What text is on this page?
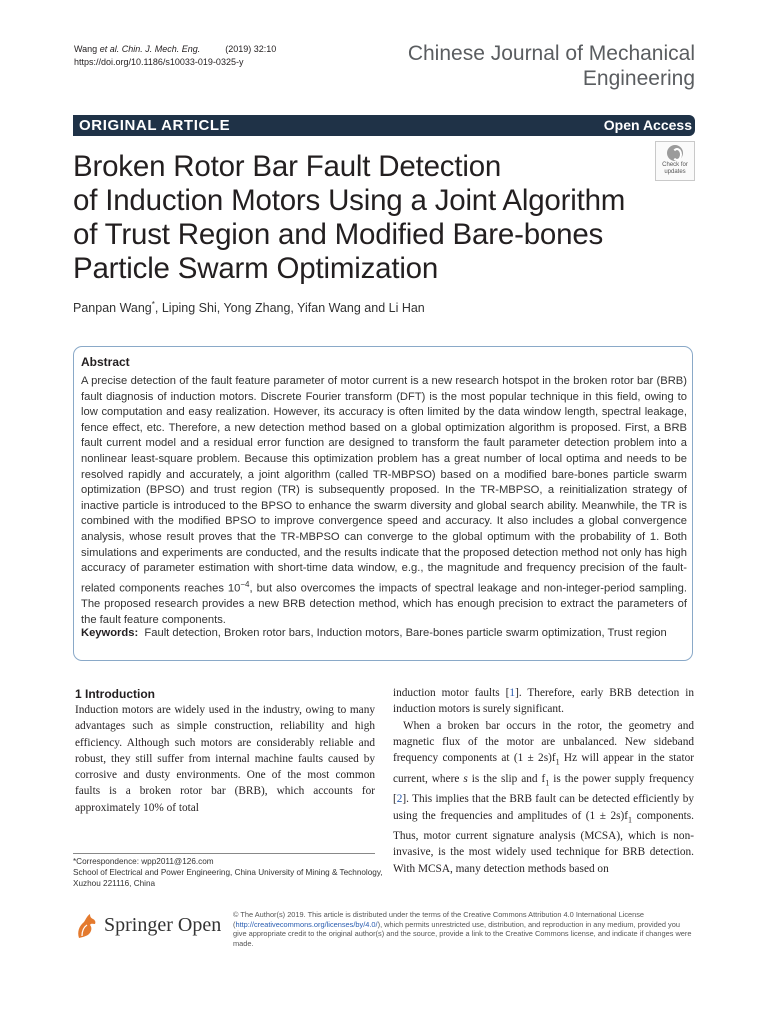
Wang et al. Chin. J. Mech. Eng.	(2019) 32:10
https://doi.org/10.1186/s10033-019-0325-y	Chinese Journal of Mechanical
Engineering
ORIGINAL ARTICLE	Open Access
Check for
updates
Broken Rotor Bar Fault Detection
of Induction Motors Using a Joint Algorithm
of Trust Region and Modified Bare-bones
Particle Swarm Optimization
Panpan Wang*, Liping Shi, Yong Zhang, Yifan Wang and Li Han
Abstract
A precise detection of the fault feature parameter of motor current is a new research hotspot in the broken rotor bar (BRB) fault diagnosis of induction motors. Discrete Fourier transform (DFT) is the most popular technique in this field, owing to low computation and easy realization. However, its accuracy is often limited by the data window length, spectral leakage, fence effect, etc. Therefore, a new detection method based on a global optimization algorithm is proposed. First, a BRB fault current model and a residual error function are designed to transform the fault parameter detection problem into a nonlinear least-square problem. Because this optimization problem has a great number of local optima and needs to be resolved rapidly and accurately, a joint algorithm (called TR-MBPSO) based on a modified bare-bones particle swarm optimization (BPSO) and trust region (TR) is subsequently proposed. In the TR-MBPSO, a reinitialization strategy of inactive particle is introduced to the BPSO to enhance the swarm diversity and global search ability. Meanwhile, the TR is combined with the modified BPSO to improve convergence speed and accuracy. It also includes a global convergence analysis, whose result proves that the TR-MBPSO can converge to the global optimum with the probability of 1. Both simulations and experiments are conducted, and the results indicate that the proposed detection method not only has high accuracy of parameter estimation with short-time data window, e.g., the magnitude and frequency precision of the fault-related components reaches $10^{-4}$, but also overcomes the impacts of spectral leakage and non-integer-period sampling. The proposed research provides a new BRB detection method, which has enough precision to extract the parameters of the fault feature components.
Keywords: Fault detection, Broken rotor bars, Induction motors, Bare-bones particle swarm optimization, Trust region
1 Introduction
Induction motors are widely used in the industry, owing to many advantages such as simple construction, reliability and high efficiency. Although such motors are considerably reliable and robust, they still suffer from internal machine faults caused by corrosive and dusty environments. One of the most common faults is a broken rotor bar (BRB), which accounts for approximately 10% of total
induction motor faults [1]. Therefore, early BRB detection in induction motors is surely significant.
When a broken bar occurs in the rotor, the geometry and magnetic flux of the motor are unbalanced. New sideband frequency components at $(1 \pm 2s)f_1$ Hz will appear in the stator current, where s is the slip and $f_1$ is the power supply frequency [2]. This implies that the BRB fault can be detected efficiently by using the frequencies and amplitudes of $(1 \pm 2s)f_1$ components. Thus, motor current signature analysis (MCSA), which is non-invasive, is the most widely used technique for BRB detection. With MCSA, many detection methods based on
*Correspondence: wpp2011@126.com
School of Electrical and Power Engineering, China University of Mining & Technology, Xuzhou 221116, China
Springer Open © The Author(s) 2019. This article is distributed under the terms of the Creative Commons Attribution 4.0 International License (http://creativecommons.org/licenses/by/4.0/), which permits unrestricted use, distribution, and reproduction in any medium, provided you give appropriate credit to the original author(s) and the source, provide a link to the Creative Commons license, and indicate if changes were made.
